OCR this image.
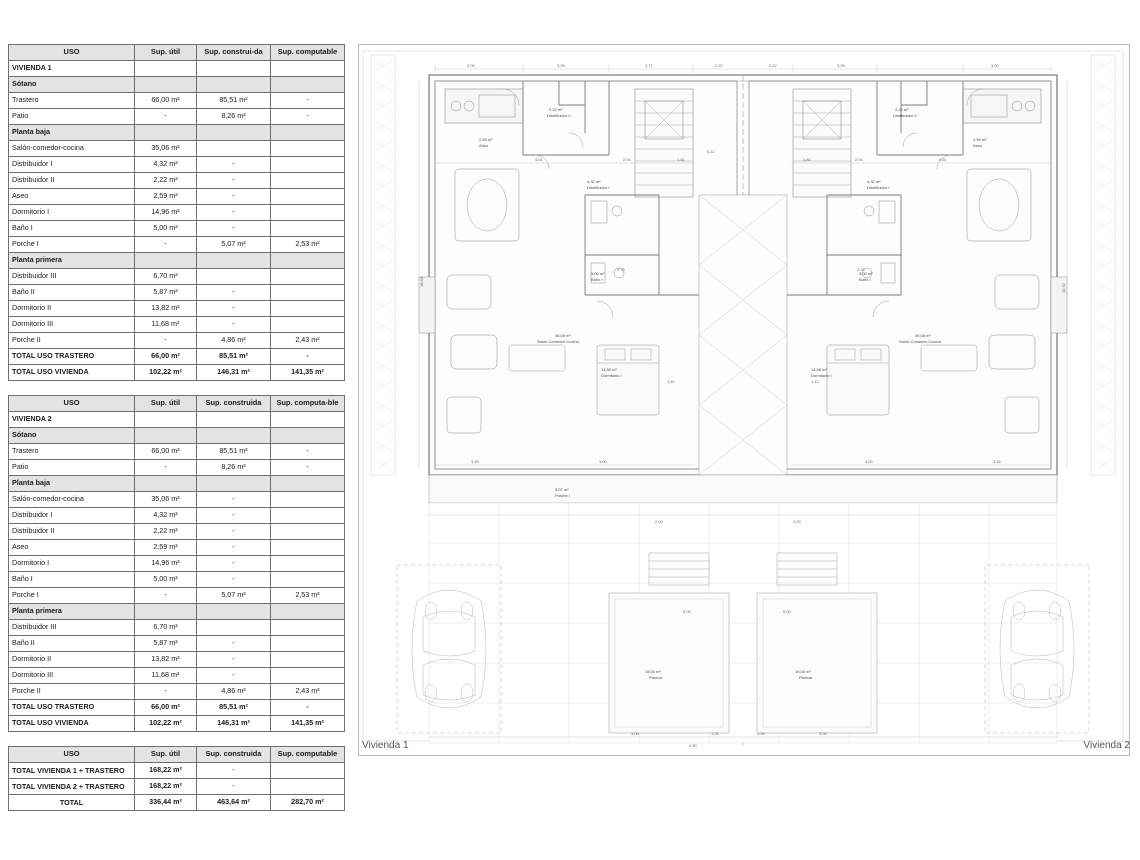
USO	Sup. útil	Sup. construi-da	Sup. computable
VIVIENDA 1			
Sótano			
Trastero	66,00 m²	85,51 m²	-
Patio	-	8,26 m²	-
Planta baja			
Salón-comedor-cocina	35,06 m²		
Distribuidor I	4,32 m²	-	
Distribuidor II	2,22 m²	-	
Aseo	2,59 m²	-	
Dormitorio I	14,96 m²	-	
Baño I	5,00 m²	-	
Porche I	-	5,07 m²	2,53 m²
Planta primera			
Distribuidor III	6,70 m²		
Baño II	5,87 m²	-	
Dormitorio II	13,82 m²	-	
Dormitorio III	11,68 m²	-	
Porche II	-	4,86 m²	2,43 m²
TOTAL USO TRASTERO	66,00 m²	85,51 m²	-
TOTAL USO VIVIENDA	102,22 m²	146,31 m²	141,35 m²
USO	Sup. útil	Sup. construida	Sup. computa-ble
VIVIENDA 2			
Sótano			
Trastero	66,00 m²	85,51 m²	-
Patio	-	8,26 m²	-
Planta baja			
Salón-comedor-cocina	35,06 m²	-	
Distribuidor I	4,32 m²	-	
Distribuidor II	2,22 m²	-	
Aseo	2,59 m²	-	
Dormitorio I	14,96 m²	-	
Baño I	5,00 m²	-	
Porche I	-	5,07 m²	2,53 m²
Planta primera			
Distribuidor III	6,70 m²		
Baño II	5,87 m²	-	
Dormitorio II	13,82 m²	-	
Dormitorio III	11,68 m²	-	
Porche II	-	4,86 m²	2,43 m²
TOTAL USO TRASTERO	66,00 m²	85,51 m²	-
TOTAL USO VIVIENDA	102,22 m²	146,31 m²	141,35 m²
USO	Sup. útil	Sup. construida	Sup. computable
TOTAL VIVIENDA 1 + TRASTERO	168,22 m²	-	
TOTAL VIVIENDA 2 + TRASTERO	168,22 m²	-	
TOTAL	336,44 m²	463,64 m²	282,70 m²
35,06 m²
Salón-Comedor-Cocina
14,96 m²
Dormitorio I
5,00 m²
Baño I
4,32 m²
Distribuidor I
2,22 m²
Distribuidor II
2,59 m²
Aseo
5,07 m²
Porche I
15,00 m²
Piscina
35,06 m²
Salón-Comedor-Cocina
14,96 m²
Dormitorio I
5,00 m²
Baño I
4,32 m²
Distribuidor I
2,22 m²
Distribuidor II
2,59 m²
Aseo
15,00 m²
Piscina
3,00	3,25	2,77	2,22	2,22	3,25	3,00
4,61	2,91	1,81	1,81	2,91	4,61
3,45	3,00	3,00	3,45
2,00	2,00
5,00	5,00
3,00	1,23	1,20	3,00
0,50
18,83
10,92
5,11
2,76	2,76
1,42	1,42
Vivienda 1	Vivienda 2
